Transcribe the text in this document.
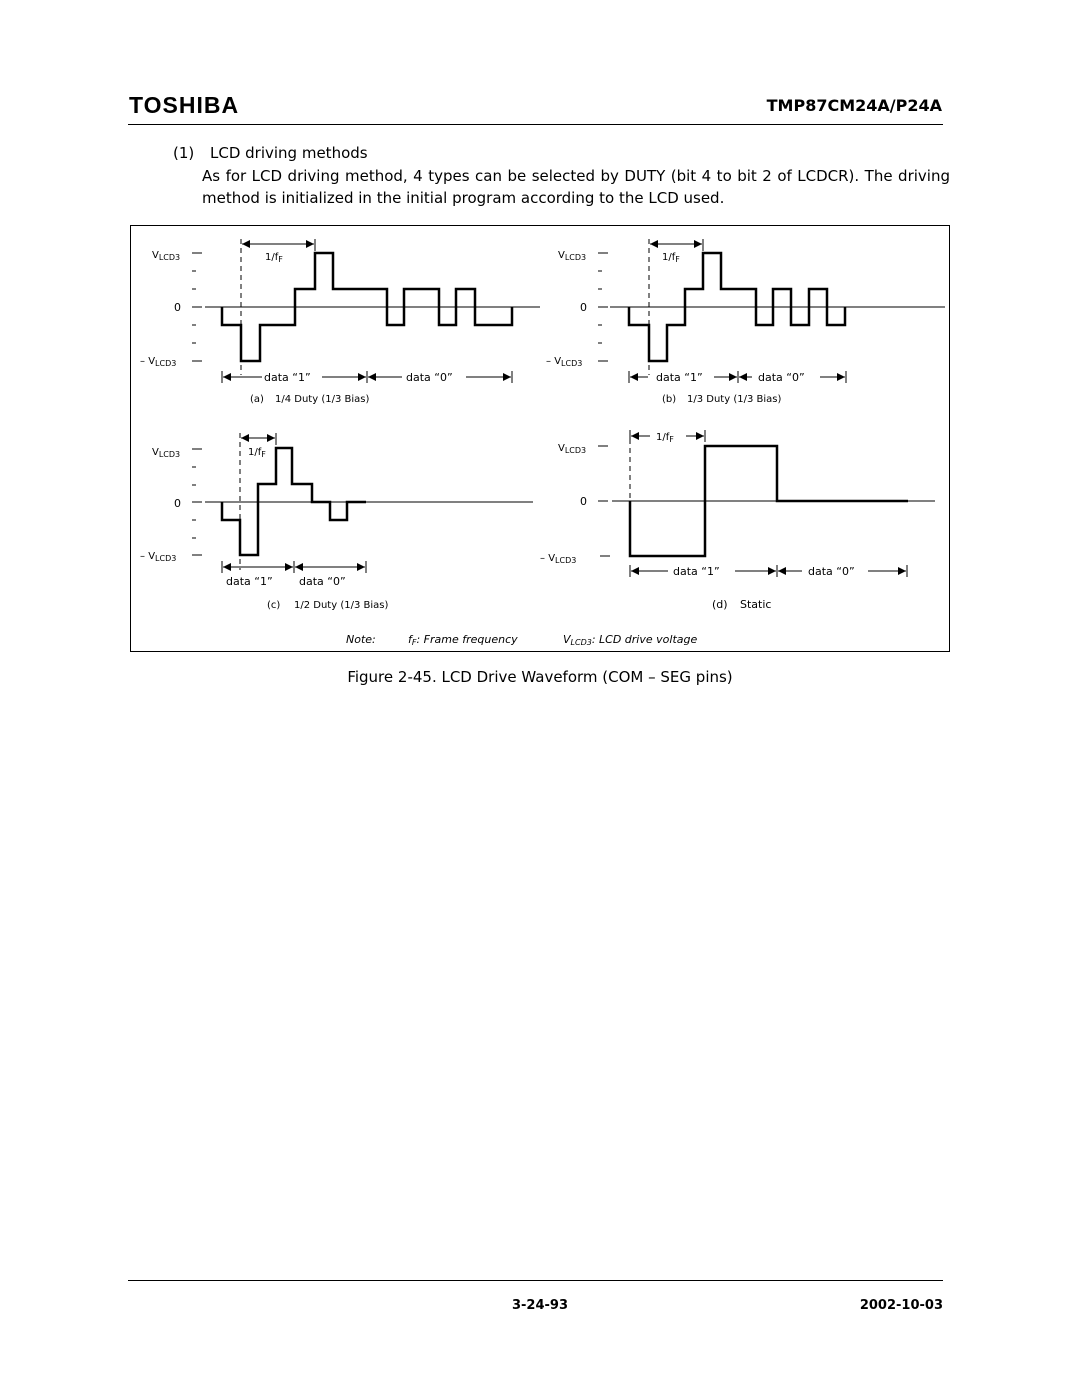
TOSHIBA	TMP87CM24A/P24A
(1) LCD driving methods
As for LCD driving method, 4 types can be selected by DUTY (bit 4 to bit 2 of LCDCR). The driving method is initialized in the initial program according to the LCD used.
$V_{LCD3}$
0
– $V_{LCD3}$
$1/f_F$
data “1”	data “0”
(a) 1/4 Duty (1/3 Bias)
$V_{LCD3}$
0
– $V_{LCD3}$
$1/f_F$
data “1”	data “0”
(b) 1/3 Duty (1/3 Bias)
$V_{LCD3}$
0
– $V_{LCD3}$
$1/f_F$
data “1” data “0”
(c) 1/2 Duty (1/3 Bias)
$V_{LCD3}$
0
– $V_{LCD3}$
$1/f_F$
data “1”	data “0”
(d) Static
Note:	fF: Frame frequency	VLCD3: LCD drive voltage
Figure 2-45. LCD Drive Waveform (COM – SEG pins)
3-24-93	2002-10-03
